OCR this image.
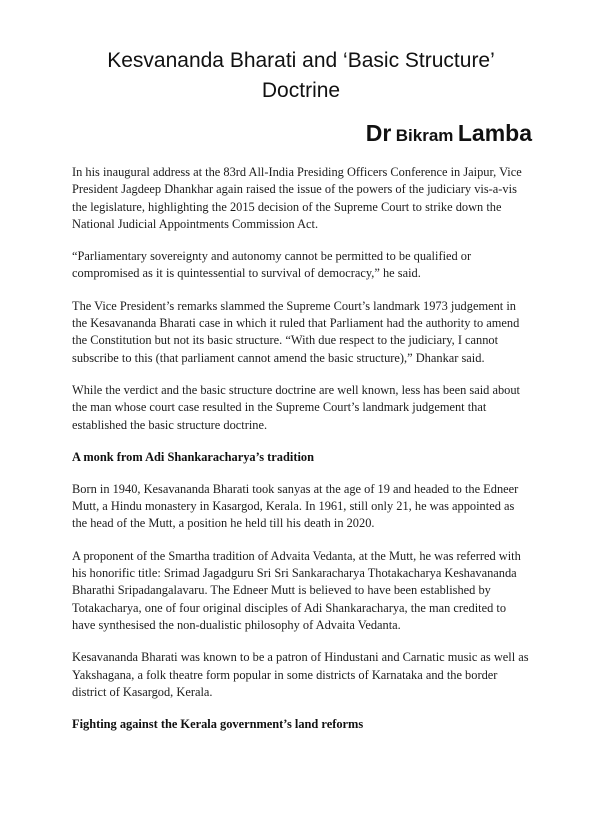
Kesvananda Bharati and ‘Basic Structure’ Doctrine
Dr Bikram Lamba

In his inaugural address at the 83rd All-India Presiding Officers Conference in Jaipur, Vice President Jagdeep Dhankhar again raised the issue of the powers of the judiciary vis-a-vis the legislature, highlighting the 2015 decision of the Supreme Court to strike down the National Judicial Appointments Commission Act.

“Parliamentary sovereignty and autonomy cannot be permitted to be qualified or compromised as it is quintessential to survival of democracy,” he said.

The Vice President’s remarks slammed the Supreme Court’s landmark 1973 judgement in the Kesavananda Bharati case in which it ruled that Parliament had the authority to amend the Constitution but not its basic structure. “With due respect to the judiciary, I cannot subscribe to this (that parliament cannot amend the basic structure),” Dhankar said.

While the verdict and the basic structure doctrine are well known, less has been said about the man whose court case resulted in the Supreme Court’s landmark judgement that established the basic structure doctrine.

A monk from Adi Shankaracharya’s tradition

Born in 1940, Kesavananda Bharati took sanyas at the age of 19 and headed to the Edneer Mutt, a Hindu monastery in Kasargod, Kerala. In 1961, still only 21, he was appointed as the head of the Mutt, a position he held till his death in 2020.

A proponent of the Smartha tradition of Advaita Vedanta, at the Mutt, he was referred with his honorific title: Srimad Jagadguru Sri Sri Sankaracharya Thotakacharya Keshavananda Bharathi Sripadangalavaru. The Edneer Mutt is believed to have been established by Totakacharya, one of four original disciples of Adi Shankaracharya, the man credited to have synthesised the non-dualistic philosophy of Advaita Vedanta.

Kesavananda Bharati was known to be a patron of Hindustani and Carnatic music as well as Yakshagana, a folk theatre form popular in some districts of Karnataka and the border district of Kasargod, Kerala.

Fighting against the Kerala government’s land reforms
